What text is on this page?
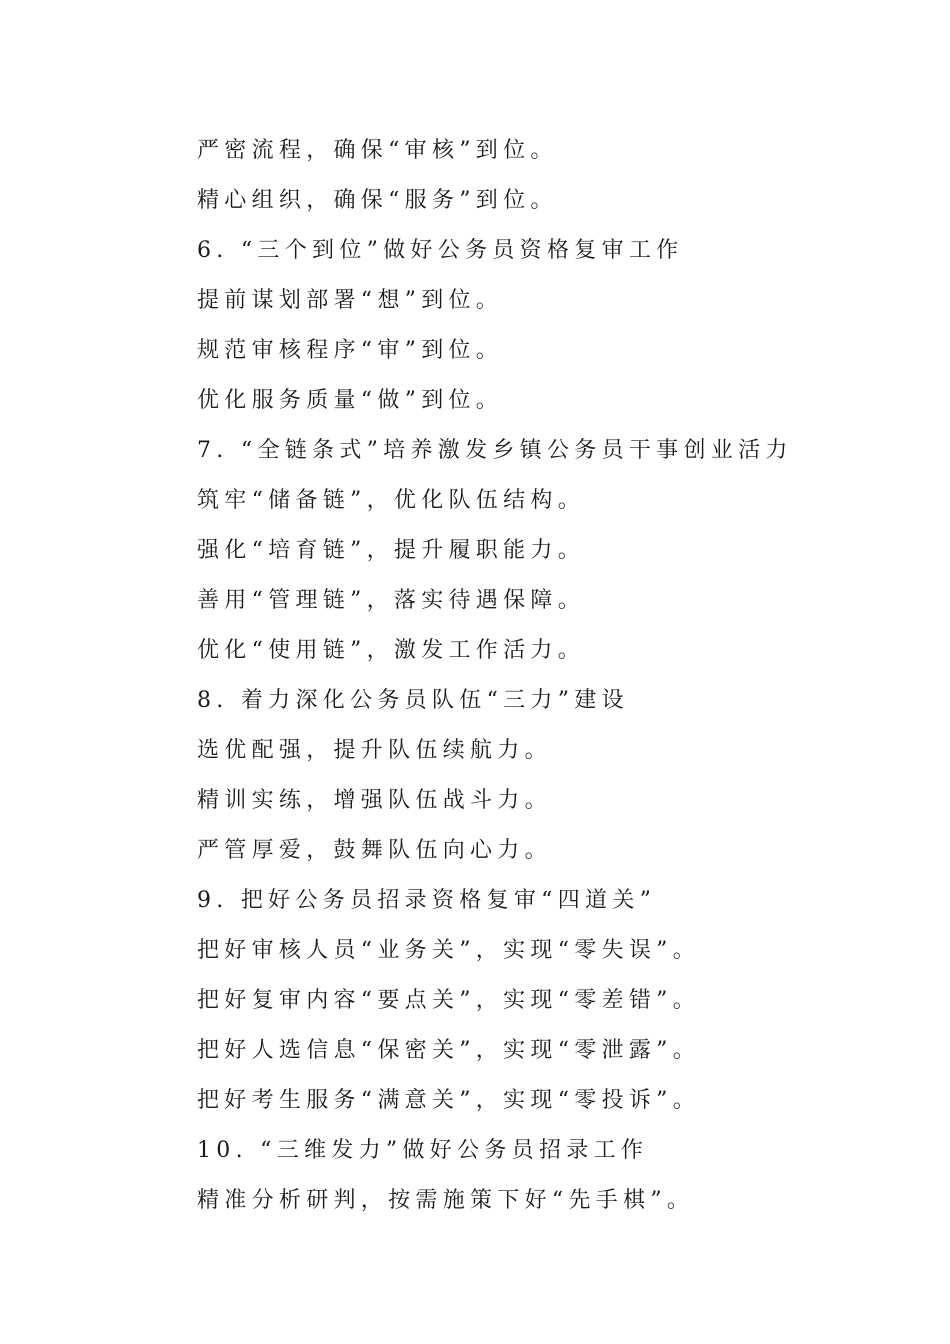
严密流程，确保“审核”到位。
精心组织，确保“服务”到位。
6. “三个到位”做好公务员资格复审工作
提前谋划部署“想”到位。
规范审核程序“审”到位。
优化服务质量“做”到位。
7. “全链条式”培养激发乡镇公务员干事创业活力
筑牢“储备链”，优化队伍结构。
强化“培育链”，提升履职能力。
善用“管理链”，落实待遇保障。
优化“使用链”，激发工作活力。
8. 着力深化公务员队伍“三力”建设
选优配强，提升队伍续航力。
精训实练，增强队伍战斗力。
严管厚爱，鼓舞队伍向心力。
9. 把好公务员招录资格复审“四道关”
把好审核人员“业务关”，实现“零失误”。
把好复审内容“要点关”，实现“零差错”。
把好人选信息“保密关”，实现“零泄露”。
把好考生服务“满意关”，实现“零投诉”。
10. “三维发力”做好公务员招录工作
精准分析研判，按需施策下好“先手棋”。
